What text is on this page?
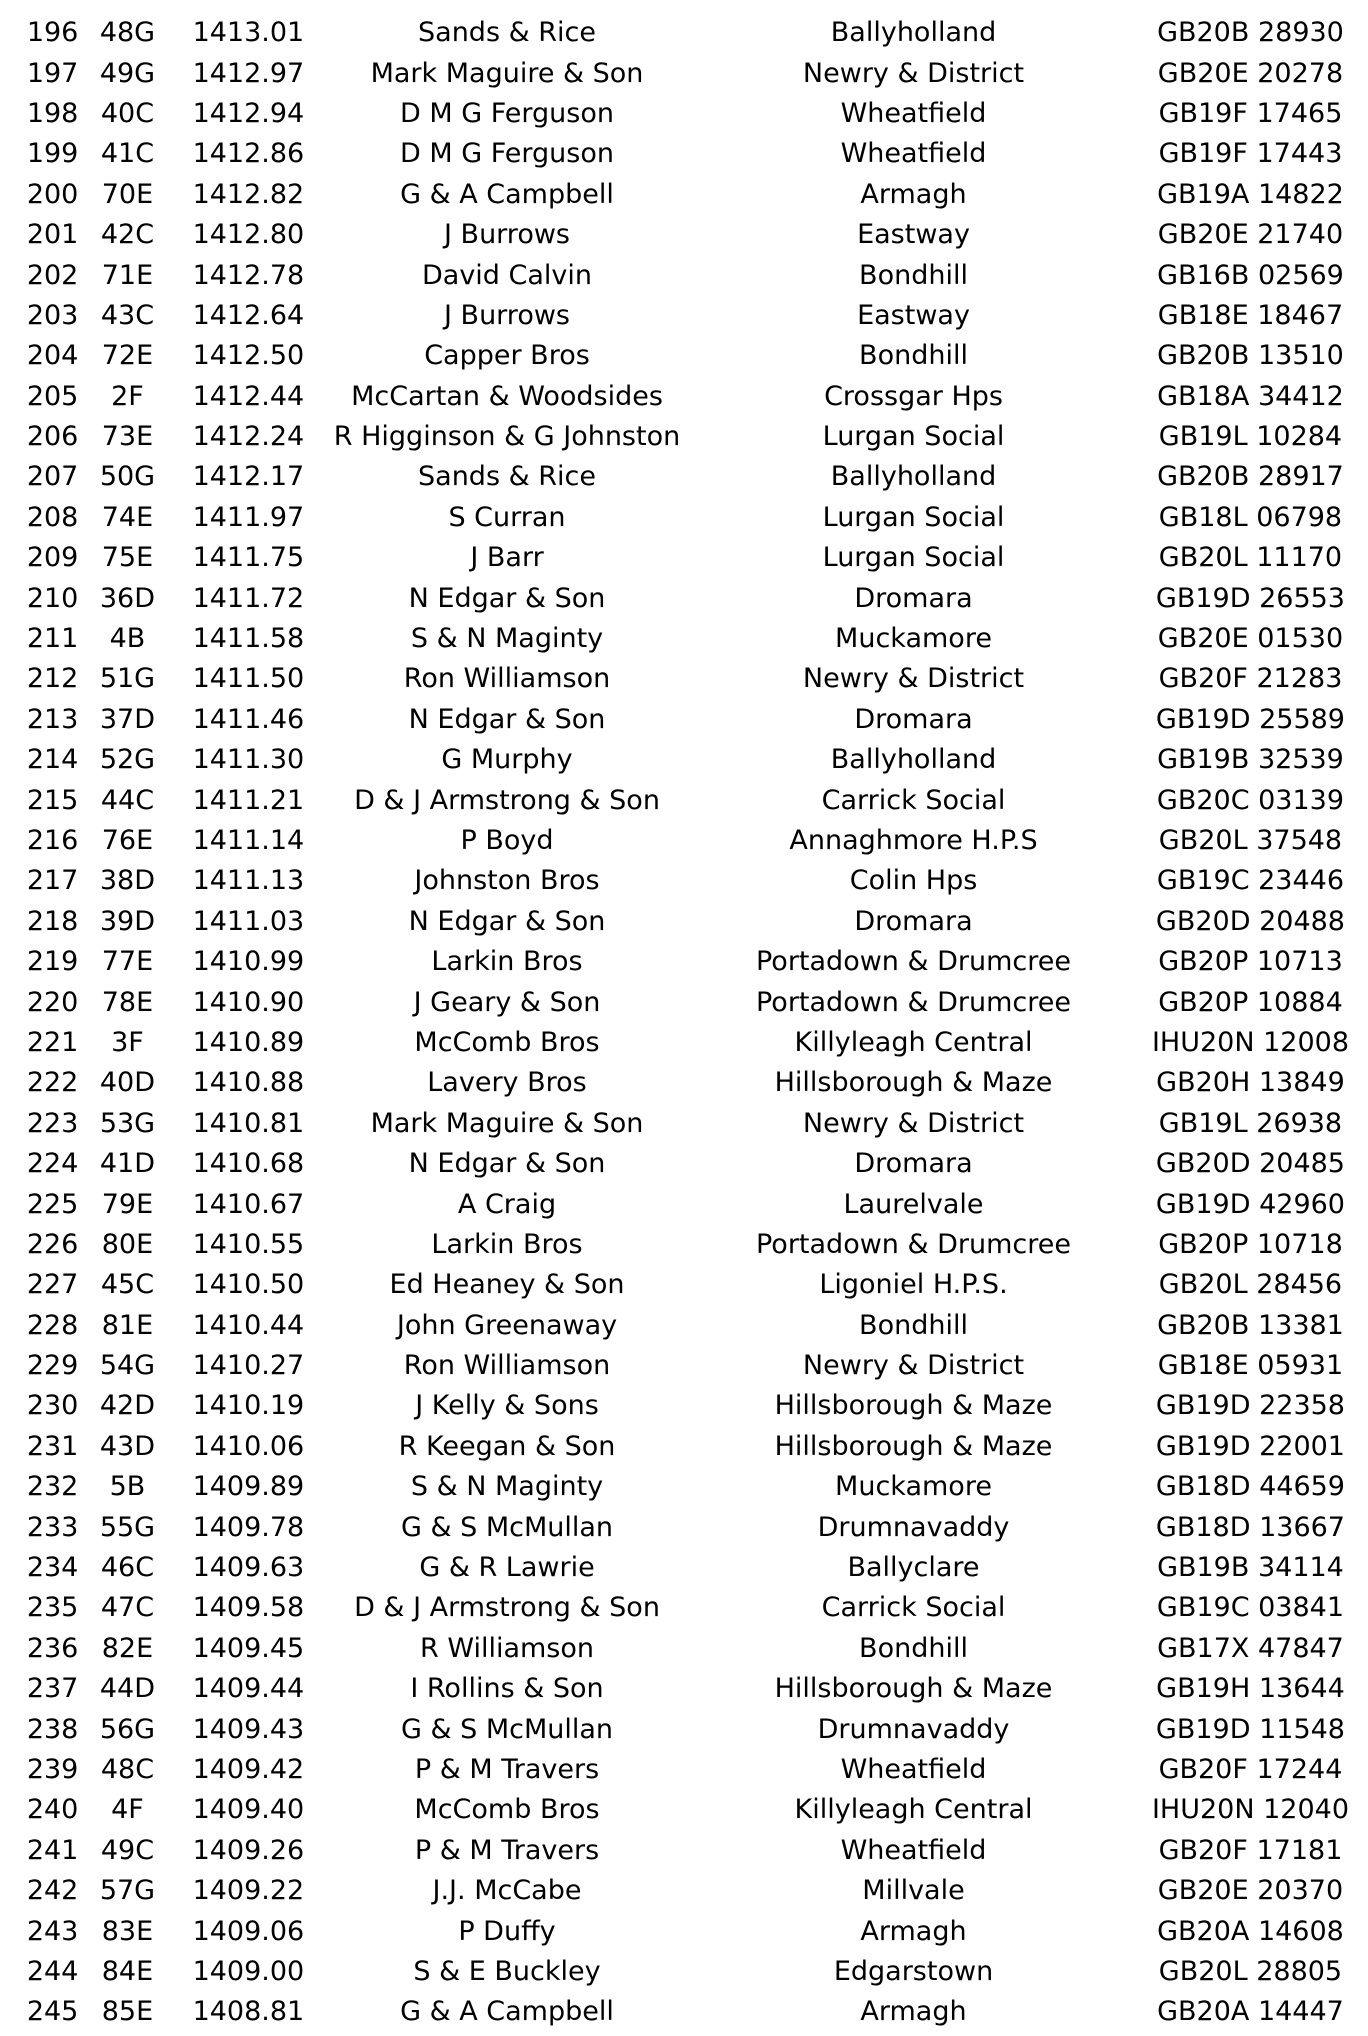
196 48G	1413.01	Sands & Rice	Ballyholland	GB20B 28930
197 49G	1412.97	Mark Maguire & Son	Newry & District	GB20E 20278
198 40C	1412.94	D M G Ferguson	Wheatfield	GB19F 17465
199 41C	1412.86	D M G Ferguson	Wheatfield	GB19F 17443
200 70E	1412.82	G & A Campbell	Armagh	GB19A 14822
201 42C	1412.80	J Burrows	Eastway	GB20E 21740
202 71E	1412.78	David Calvin	Bondhill	GB16B 02569
203 43C	1412.64	J Burrows	Eastway	GB18E 18467
204 72E	1412.50	Capper Bros	Bondhill	GB20B 13510
205	2F	1412.44	McCartan & Woodsides	Crossgar Hps	GB18A 34412
206 73E	1412.24	R Higginson & G Johnston	Lurgan Social	GB19L 10284
207 50G	1412.17	Sands & Rice	Ballyholland	GB20B 28917
208 74E	1411.97	S Curran	Lurgan Social	GB18L 06798
209 75E	1411.75	J Barr	Lurgan Social	GB20L 11170
210 36D	1411.72	N Edgar & Son	Dromara	GB19D 26553
211	4B	1411.58	S & N Maginty	Muckamore	GB20E 01530
212 51G	1411.50	Ron Williamson	Newry & District	GB20F 21283
213 37D	1411.46	N Edgar & Son	Dromara	GB19D 25589
214 52G	1411.30	G Murphy	Ballyholland	GB19B 32539
215 44C	1411.21	D & J Armstrong & Son	Carrick Social	GB20C 03139
216 76E	1411.14	P Boyd	Annaghmore H.P.S	GB20L 37548
217 38D	1411.13	Johnston Bros	Colin Hps	GB19C 23446
218 39D	1411.03	N Edgar & Son	Dromara	GB20D 20488
219 77E	1410.99	Larkin Bros	Portadown & Drumcree	GB20P 10713
220 78E	1410.90	J Geary & Son	Portadown & Drumcree	GB20P 10884
221	3F	1410.89	McComb Bros	Killyleagh Central	IHU20N 12008
222 40D	1410.88	Lavery Bros	Hillsborough & Maze	GB20H 13849
223 53G	1410.81	Mark Maguire & Son	Newry & District	GB19L 26938
224 41D	1410.68	N Edgar & Son	Dromara	GB20D 20485
225 79E	1410.67	A Craig	Laurelvale	GB19D 42960
226 80E	1410.55	Larkin Bros	Portadown & Drumcree	GB20P 10718
227 45C	1410.50	Ed Heaney & Son	Ligoniel H.P.S.	GB20L 28456
228 81E	1410.44	John Greenaway	Bondhill	GB20B 13381
229 54G	1410.27	Ron Williamson	Newry & District	GB18E 05931
230 42D	1410.19	J Kelly & Sons	Hillsborough & Maze	GB19D 22358
231 43D	1410.06	R Keegan & Son	Hillsborough & Maze	GB19D 22001
232	5B	1409.89	S & N Maginty	Muckamore	GB18D 44659
233 55G	1409.78	G & S McMullan	Drumnavaddy	GB18D 13667
234 46C	1409.63	G & R Lawrie	Ballyclare	GB19B 34114
235 47C	1409.58	D & J Armstrong & Son	Carrick Social	GB19C 03841
236 82E	1409.45	R Williamson	Bondhill	GB17X 47847
237 44D	1409.44	I Rollins & Son	Hillsborough & Maze	GB19H 13644
238 56G	1409.43	G & S McMullan	Drumnavaddy	GB19D 11548
239 48C	1409.42	P & M Travers	Wheatfield	GB20F 17244
240	4F	1409.40	McComb Bros	Killyleagh Central	IHU20N 12040
241 49C	1409.26	P & M Travers	Wheatfield	GB20F 17181
242 57G	1409.22	J.J. McCabe	Millvale	GB20E 20370
243 83E	1409.06	P Duffy	Armagh	GB20A 14608
244 84E	1409.00	S & E Buckley	Edgarstown	GB20L 28805
245 85E	1408.81	G & A Campbell	Armagh	GB20A 14447
